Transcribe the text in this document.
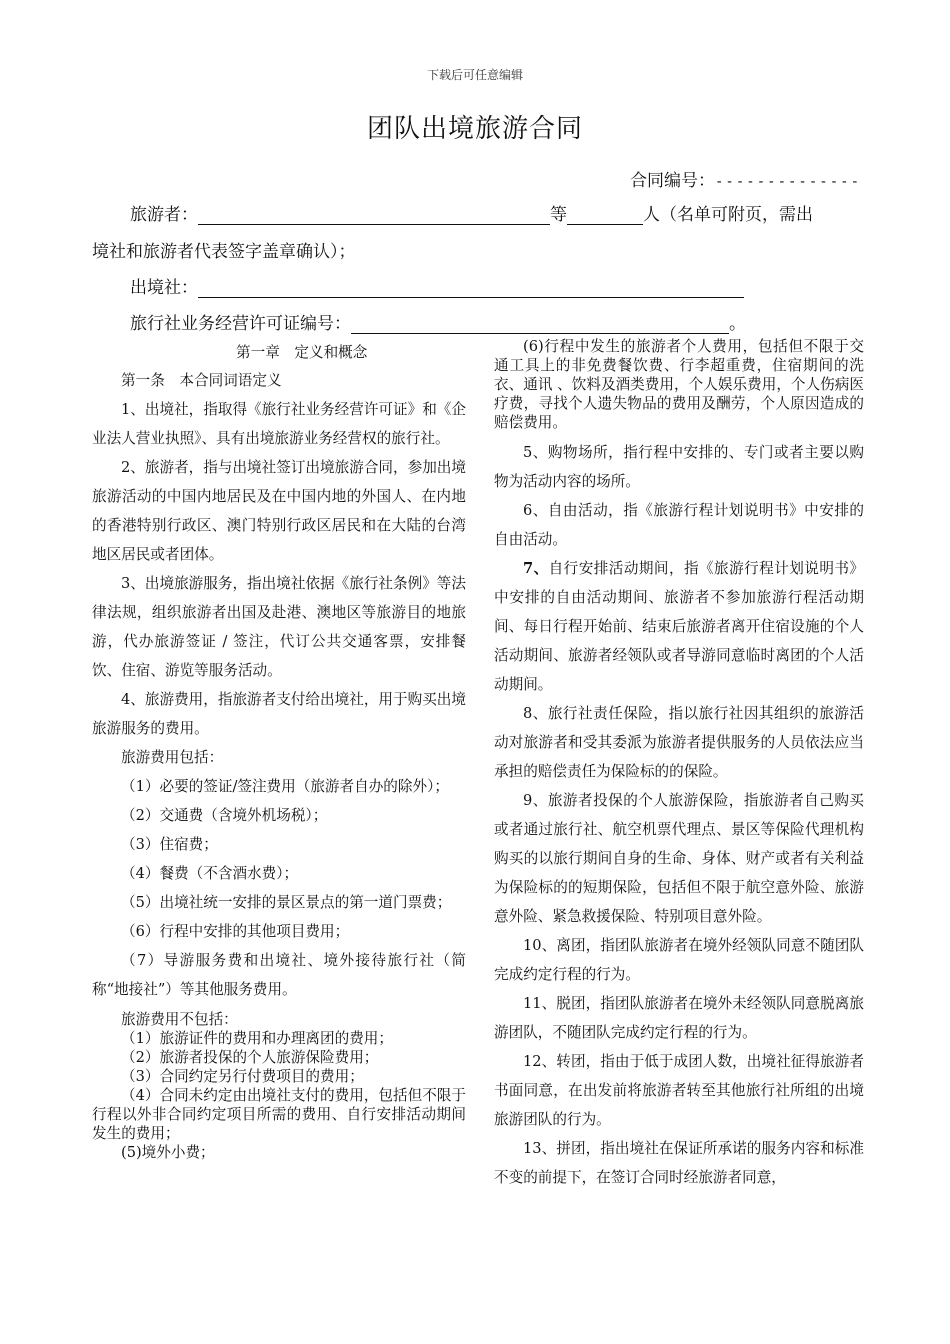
下载后可任意编辑
团队出境旅游合同
合同编号：--------------
旅游者：	等	人（名单可附页，需出
境社和旅游者代表签字盖章确认）；
出境社：
旅行社业务经营许可证编号：	。

第一章　定义和概念

第一条　本合同词语定义

1、出境社，指取得《旅行社业务经营许可证》和《企业法人营业执照》、具有出境旅游业务经营权的旅行社。

2、旅游者，指与出境社签订出境旅游合同，参加出境旅游活动的中国内地居民及在中国内地的外国人、在内地的香港特别行政区、澳门特别行政区居民和在大陆的台湾地区居民或者团体。

3、出境旅游服务，指出境社依据《旅行社条例》等法律法规，组织旅游者出国及赴港、澳地区等旅游目的地旅游，代办旅游签证 / 签注，代订公共交通客票，安排餐饮、住宿、游览等服务活动。

4、旅游费用，指旅游者支付给出境社，用于购买出境旅游服务的费用。

旅游费用包括：

（1）必要的签证/签注费用（旅游者自办的除外）；

（2）交通费（含境外机场税）；

（3）住宿费；

（4）餐费（不含酒水费）；

（5）出境社统一安排的景区景点的第一道门票费；

（6）行程中安排的其他项目费用；

（7）导游服务费和出境社、境外接待旅行社（简称“地接社”）等其他服务费用。

旅游费用不包括：

（1）旅游证件的费用和办理离团的费用；

（2）旅游者投保的个人旅游保险费用；

（3）合同约定另行付费项目的费用；

（4）合同未约定由出境社支付的费用，包括但不限于行程以外非合同约定项目所需的费用、自行安排活动期间发生的费用；

(5)境外小费；

(6)行程中发生的旅游者个人费用，包括但不限于交通工具上的非免费餐饮费、行李超重费，住宿期间的洗衣、通讯 、饮料及酒类费用，个人娱乐费用，个人伤病医疗费，寻找个人遗失物品的费用及酬劳，个人原因造成的赔偿费用。

5、购物场所，指行程中安排的、专门或者主要以购物为活动内容的场所。

6、自由活动，指《旅游行程计划说明书》中安排的自由活动。

7、自行安排活动期间，指《旅游行程计划说明书》中安排的自由活动期间、旅游者不参加旅游行程活动期间、每日行程开始前、结束后旅游者离开住宿设施的个人活动期间、旅游者经领队或者导游同意临时离团的个人活动期间。

8、旅行社责任保险，指以旅行社因其组织的旅游活动对旅游者和受其委派为旅游者提供服务的人员依法应当承担的赔偿责任为保险标的的保险。

9、旅游者投保的个人旅游保险，指旅游者自己购买或者通过旅行社、航空机票代理点、景区等保险代理机构购买的以旅行期间自身的生命、身体、财产或者有关利益为保险标的的短期保险，包括但不限于航空意外险、旅游意外险、紧急救援保险、特别项目意外险。

10、离团，指团队旅游者在境外经领队同意不随团队完成约定行程的行为。

11、脱团，指团队旅游者在境外未经领队同意脱离旅游团队，不随团队完成约定行程的行为。

12、转团，指由于低于成团人数，出境社征得旅游者书面同意，在出发前将旅游者转至其他旅行社所组的出境旅游团队的行为。

13、拼团，指出境社在保证所承诺的服务内容和标准不变的前提下，在签订合同时经旅游者同意，
